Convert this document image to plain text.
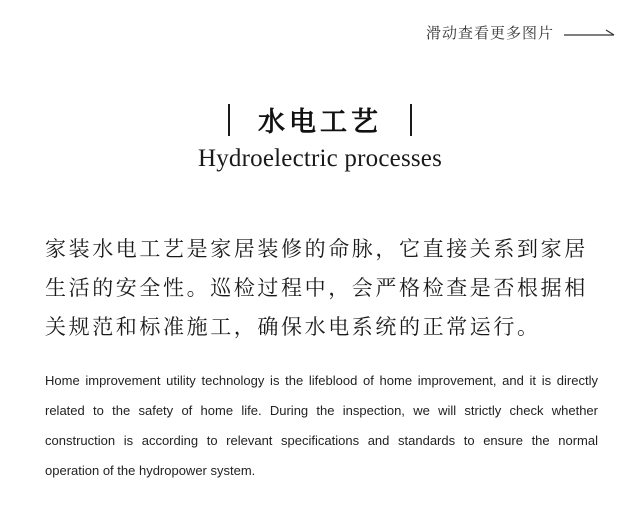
滑动查看更多图片
水电工艺
Hydroelectric processes

家装水电工艺是家居装修的命脉，它直接关系到家居生活的安全性。巡检过程中，会严格检查是否根据相关规范和标准施工，确保水电系统的正常运行。

Home improvement utility technology is the lifeblood of home improvement, and it is directly related to the safety of home life. During the inspection, we will strictly check whether construction is according to relevant specifications and standards to ensure the normal operation of the hydropower system.
